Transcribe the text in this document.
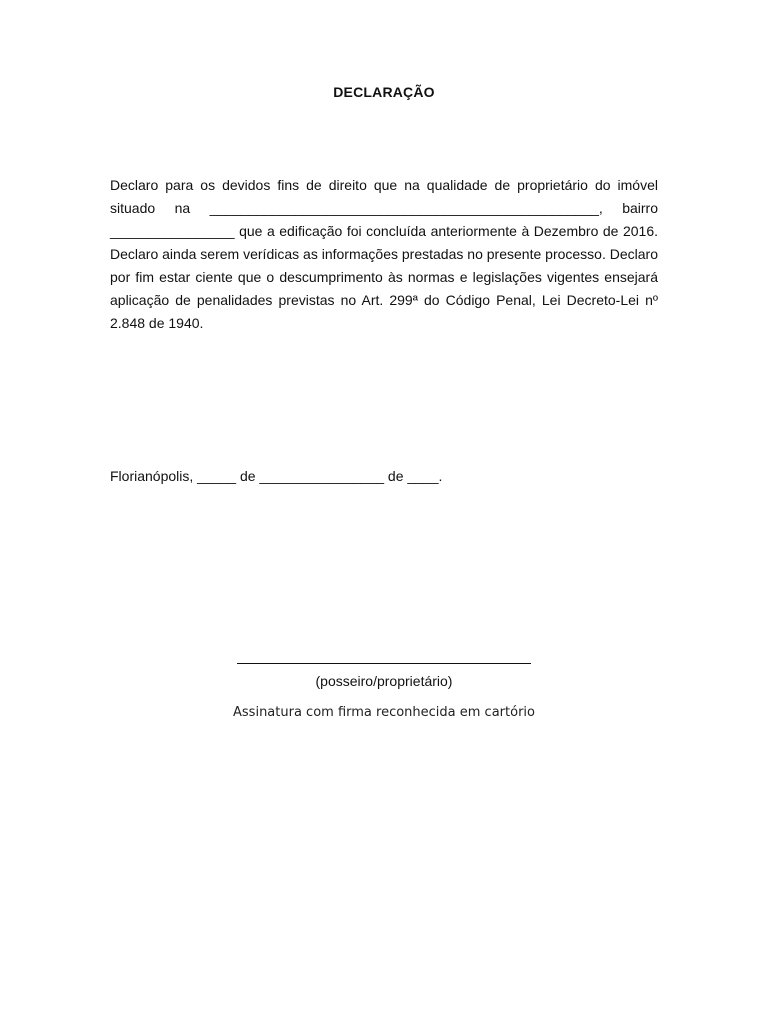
DECLARAÇÃO

Declaro para os devidos fins de direito que na qualidade de proprietário do imóvel situado na __________________________________________________, bairro ________________ que a edificação foi concluída anteriormente à Dezembro de 2016. Declaro ainda serem verídicas as informações prestadas no presente processo. Declaro por fim estar ciente que o descumprimento às normas e legislações vigentes ensejará aplicação de penalidades previstas no Art. 299ª do Código Penal, Lei Decreto-Lei nº 2.848 de 1940.

Florianópolis, _____ de ________________ de ____.
(posseiro/proprietário)
Assinatura com firma reconhecida em cartório
